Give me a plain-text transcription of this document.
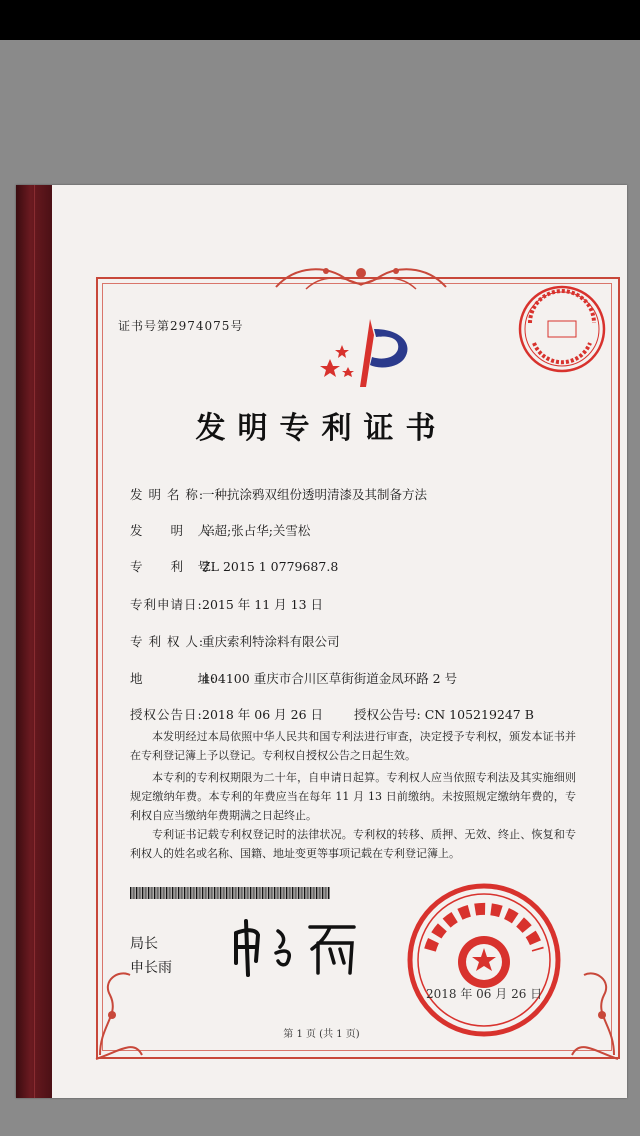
证书号第2974075号
发明专利证书
发 明 名 称:一种抗涂鸦双组份透明清漆及其制备方法
发　　明　人:辛超;张占华;关雪松
专　　利　号:ZL 2015 1 0779687.8
专利申请日:2015 年 11 月 13 日
专 利 权 人:重庆索利特涂料有限公司
地　　　　址:404100 重庆市合川区草街街道金凤环路 2 号
授权公告日:2018 年 06 月 26 日 授权公告号: CN 105219247 B
本发明经过本局依照中华人民共和国专利法进行审查，决定授予专利权，颁发本证书并在专利登记簿上予以登记。专利权自授权公告之日起生效。
本专利的专利权期限为二十年，自申请日起算。专利权人应当依照专利法及其实施细则规定缴纳年费。本专利的年费应当在每年 11 月 13 日前缴纳。未按照规定缴纳年费的，专利权自应当缴纳年费期满之日起终止。
专利证书记载专利权登记时的法律状况。专利权的转移、质押、无效、终止、恢复和专利权人的姓名或名称、国籍、地址变更等事项记载在专利登记簿上。
局长
申长雨
2018 年 06 月 26 日
第 1 页 (共 1 页)
